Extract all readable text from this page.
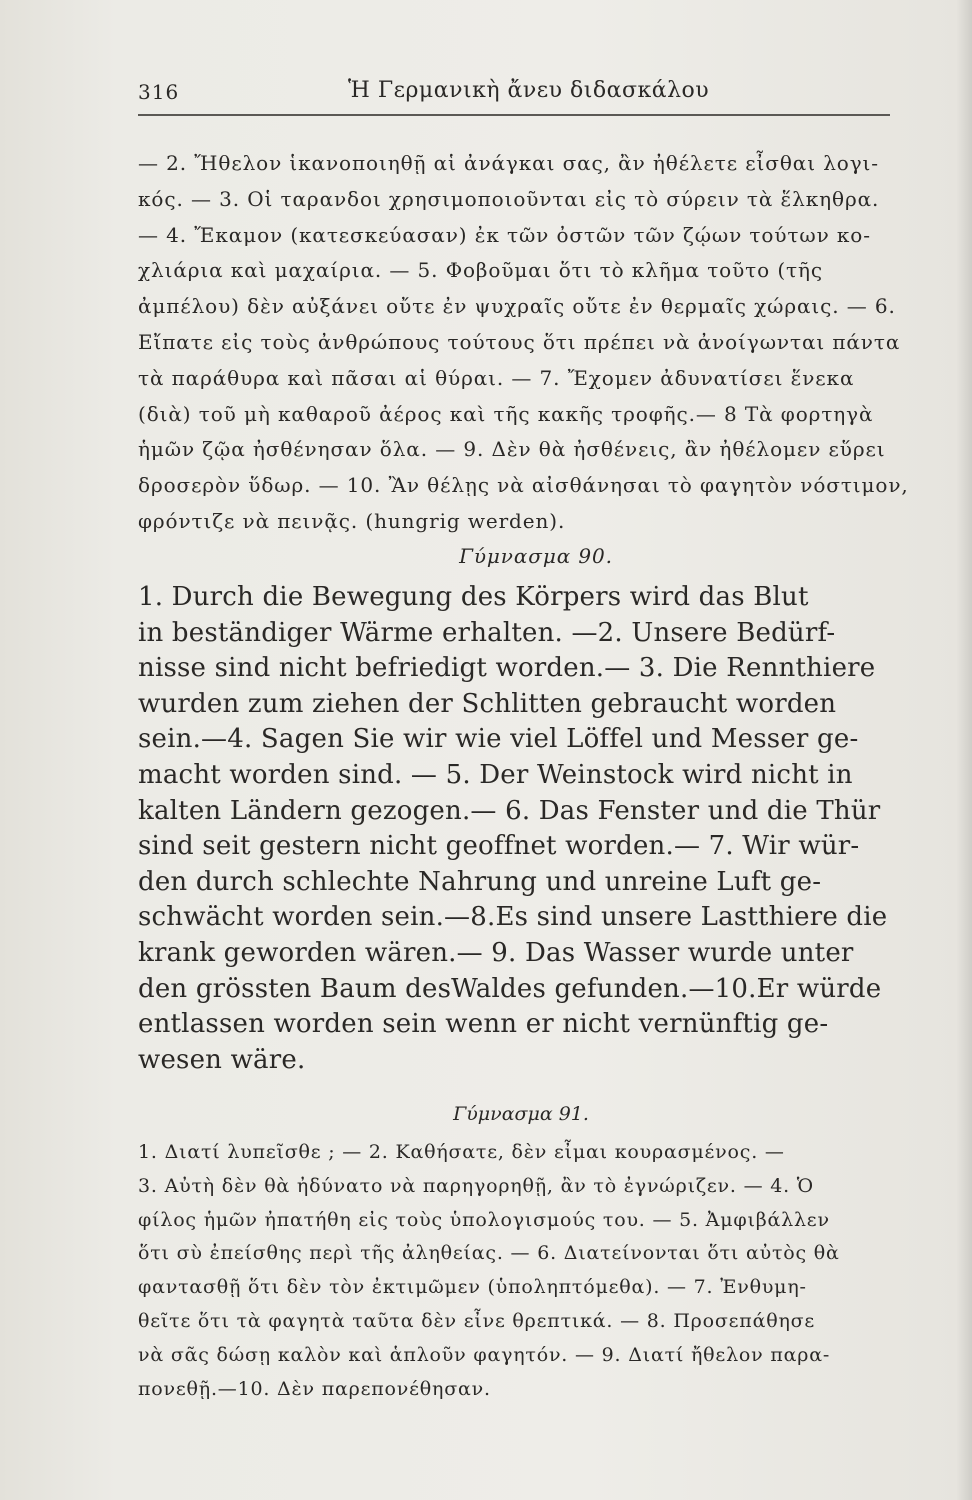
316	Ἡ Γερμανικὴ ἄνευ διδασκάλου
— 2. Ἤθελον ἱκανοποιηθῇ αἱ ἀνάγκαι σας, ἂν ἠθέλετε εἶσθαι λογι-
κός. — 3. Οἱ ταρανδοι χρησιμοποιοῦνται εἰς τὸ σύρειν τὰ ἕλκηθρα.
— 4. Ἔκαμον (κατεσκεύασαν) ἐκ τῶν ὀστῶν τῶν ζῴων τούτων κο-
χλιάρια καὶ μαχαίρια. — 5. Φοβοῦμαι ὅτι τὸ κλῆμα τοῦτο (τῆς
ἀμπέλου) δὲν αὐξάνει οὔτε ἐν ψυχραῖς οὔτε ἐν θερμαῖς χώραις. — 6.
Εἴπατε εἰς τοὺς ἀνθρώπους τούτους ὅτι πρέπει νὰ ἀνοίγωνται πάντα
τὰ παράθυρα καὶ πᾶσαι αἱ θύραι. — 7. Ἔχομεν ἀδυνατίσει ἕνεκα
(διὰ) τοῦ μὴ καθαροῦ ἀέρος καὶ τῆς κακῆς τροφῆς.— 8 Τὰ φορτηγὰ
ἡμῶν ζῷα ἠσθένησαν ὅλα. — 9. Δὲν θὰ ἠσθένεις, ἂν ἠθέλομεν εὕρει
δροσερὸν ὕδωρ. — 10. Ἂν θέλῃς νὰ αἰσθάνησαι τὸ φαγητὸν νόστιμον,
φρόντιζε νὰ πεινᾷς. (hungrig werden).
Γύμνασμα 90.
1. Durch die Bewegung des Körpers wird das Blut
in beständiger Wärme erhalten. —2. Unsere Bedürf-
nisse sind nicht befriedigt worden.— 3. Die Rennthiere
wurden zum ziehen der Schlitten gebraucht worden
sein.—4. Sagen Sie wir wie viel Löffel und Messer ge-
macht worden sind. — 5. Der Weinstock wird nicht in
kalten Ländern gezogen.— 6. Das Fenster und die Thür
sind seit gestern nicht geoffnet worden.— 7. Wir wür-
den durch schlechte Nahrung und unreine Luft ge-
schwächt worden sein.—8.Es sind unsere Lastthiere die
krank geworden wären.— 9. Das Wasser wurde unter
den grössten Baum desWaldes gefunden.—10.Er würde
entlassen worden sein wenn er nicht vernünftig ge-
wesen wäre.
Γύμνασμα 91.
1. Διατί λυπεῖσθε ; — 2. Καθήσατε, δὲν εἶμαι κουρασμένος. —
3. Αὐτὴ δὲν θὰ ἠδύνατο νὰ παρηγορηθῇ, ἂν τὸ ἐγνώριζεν. — 4. Ὁ
φίλος ἡμῶν ἠπατήθη εἰς τοὺς ὑπολογισμούς του. — 5. Ἀμφιβάλλεν
ὅτι σὺ ἐπείσθης περὶ τῆς ἀληθείας. — 6. Διατείνονται ὅτι αὐτὸς θὰ
φαντασθῇ ὅτι δὲν τὸν ἐκτιμῶμεν (ὑποληπτόμεθα). — 7. Ἐνθυμη-
θεῖτε ὅτι τὰ φαγητὰ ταῦτα δὲν εἶνε θρεπτικά. — 8. Προσεπάθησε
νὰ σᾶς δώσῃ καλὸν καὶ ἁπλοῦν φαγητόν. — 9. Διατί ἤθελον παρα-
πονεθῇ.—10. Δὲν παρεπονέθησαν.
